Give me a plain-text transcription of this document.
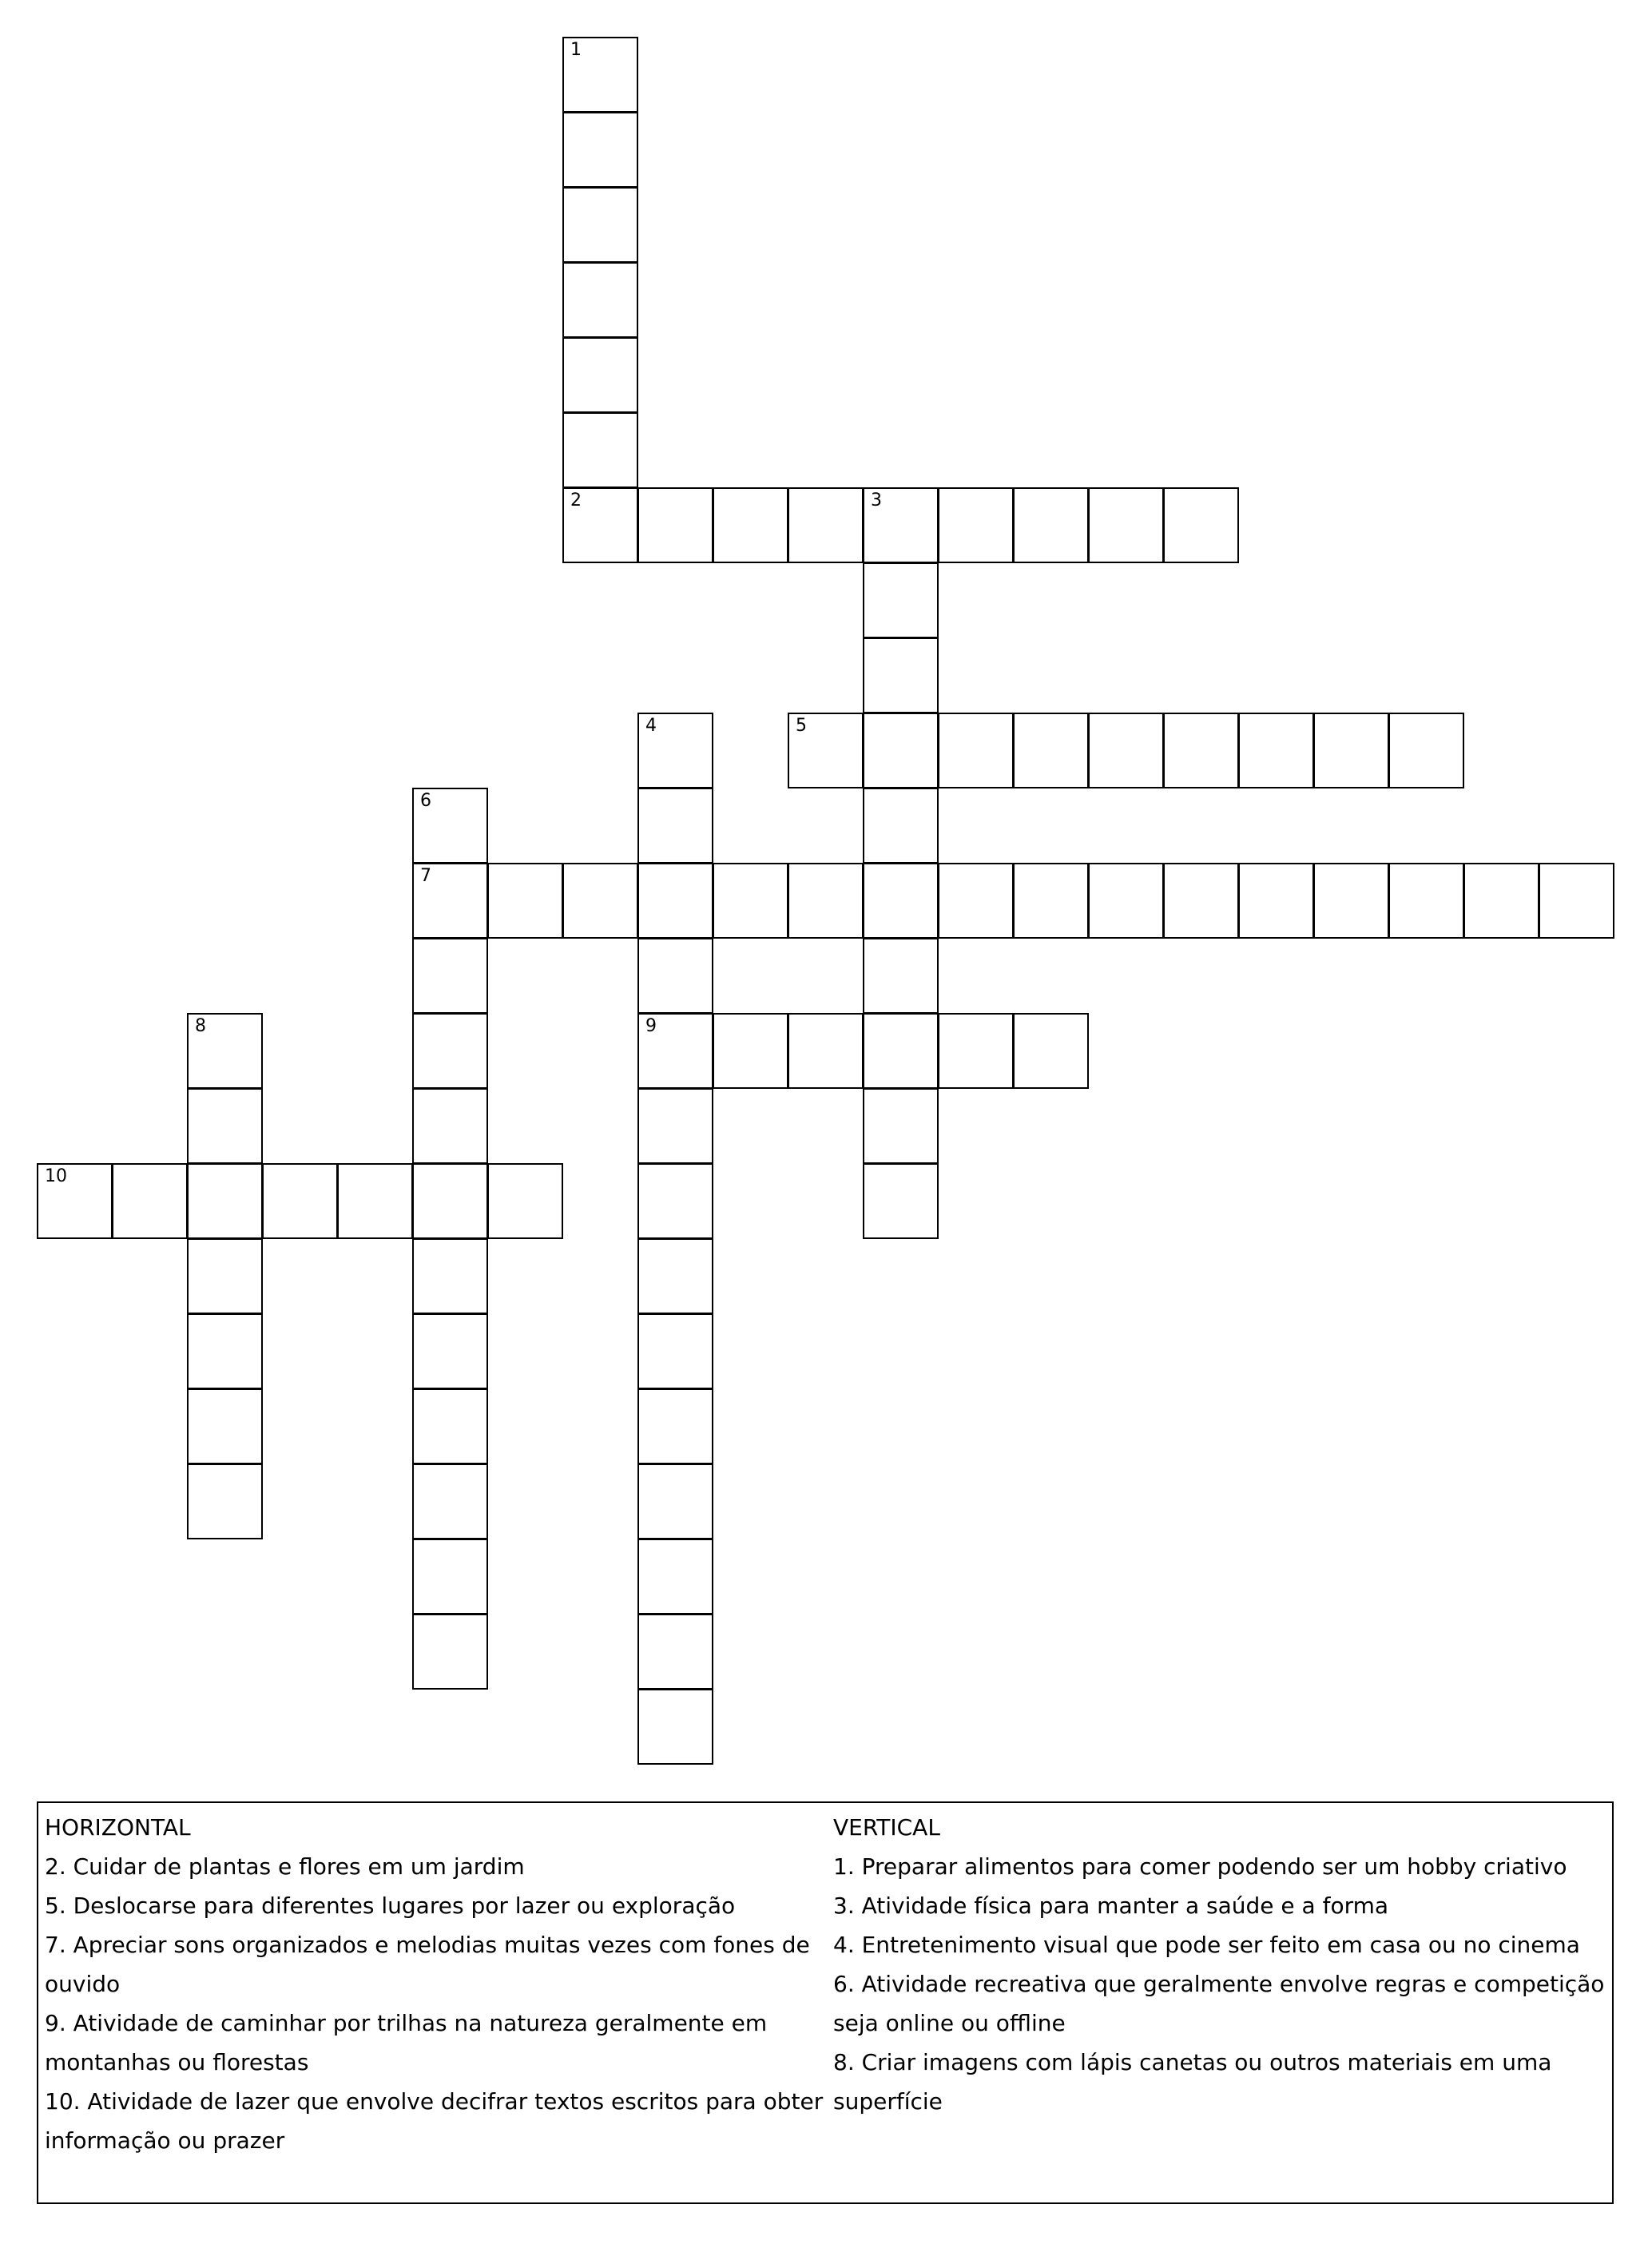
1
2	3
4	5
6
7
8	9
10
HORIZONTAL
2. Cuidar de plantas e flores em um jardim
5. Deslocarse para diferentes lugares por lazer ou exploração
7. Apreciar sons organizados e melodias muitas vezes com fones de
ouvido
9. Atividade de caminhar por trilhas na natureza geralmente em
montanhas ou florestas
10. Atividade de lazer que envolve decifrar textos escritos para obter
informação ou prazer
VERTICAL
1. Preparar alimentos para comer podendo ser um hobby criativo
3. Atividade física para manter a saúde e a forma
4. Entretenimento visual que pode ser feito em casa ou no cinema
6. Atividade recreativa que geralmente envolve regras e competição
seja online ou offline
8. Criar imagens com lápis canetas ou outros materiais em uma
superfície
